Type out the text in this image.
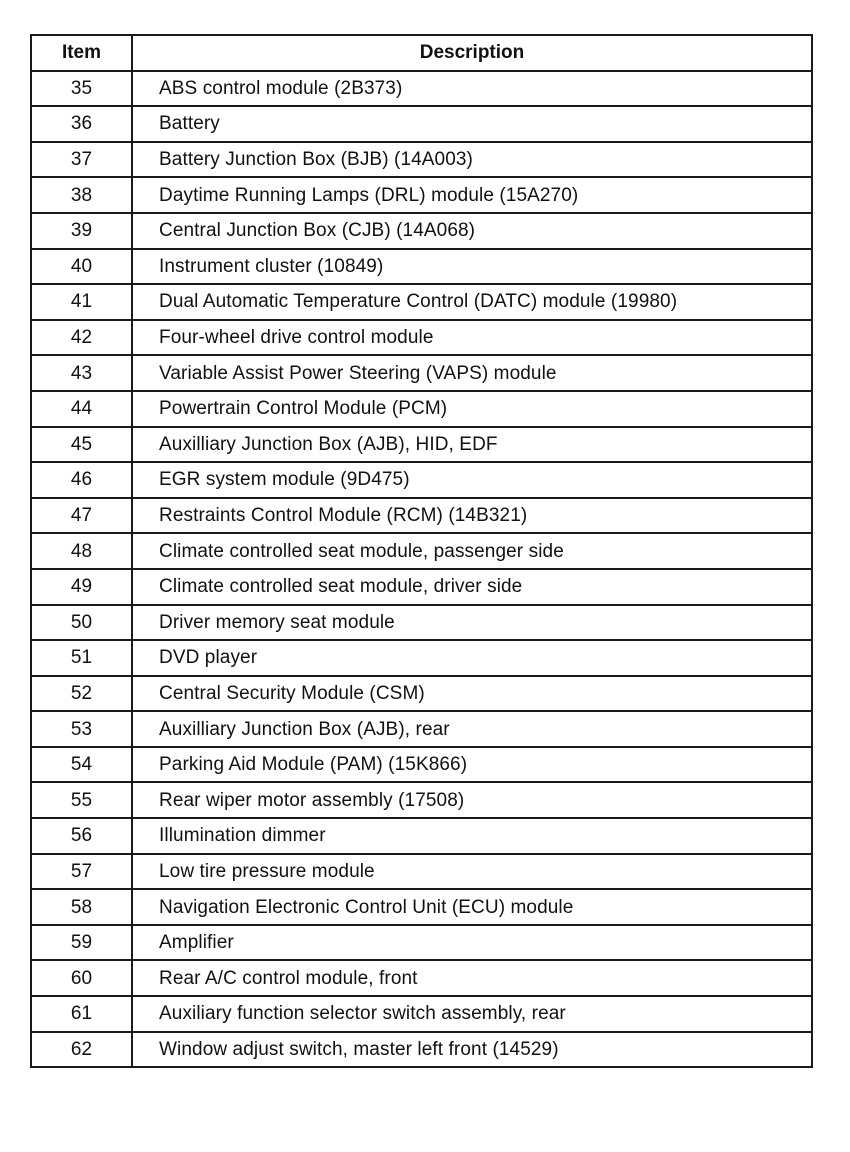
Item	Description
35	ABS control module (2B373)
36	Battery
37	Battery Junction Box (BJB) (14A003)
38	Daytime Running Lamps (DRL) module (15A270)
39	Central Junction Box (CJB) (14A068)
40	Instrument cluster (10849)
41	Dual Automatic Temperature Control (DATC) module (19980)
42	Four-wheel drive control module
43	Variable Assist Power Steering (VAPS) module
44	Powertrain Control Module (PCM)
45	Auxilliary Junction Box (AJB), HID, EDF
46	EGR system module (9D475)
47	Restraints Control Module (RCM) (14B321)
48	Climate controlled seat module, passenger side
49	Climate controlled seat module, driver side
50	Driver memory seat module
51	DVD player
52	Central Security Module (CSM)
53	Auxilliary Junction Box (AJB), rear
54	Parking Aid Module (PAM) (15K866)
55	Rear wiper motor assembly (17508)
56	Illumination dimmer
57	Low tire pressure module
58	Navigation Electronic Control Unit (ECU) module
59	Amplifier
60	Rear A/C control module, front
61	Auxiliary function selector switch assembly, rear
62	Window adjust switch, master left front (14529)
